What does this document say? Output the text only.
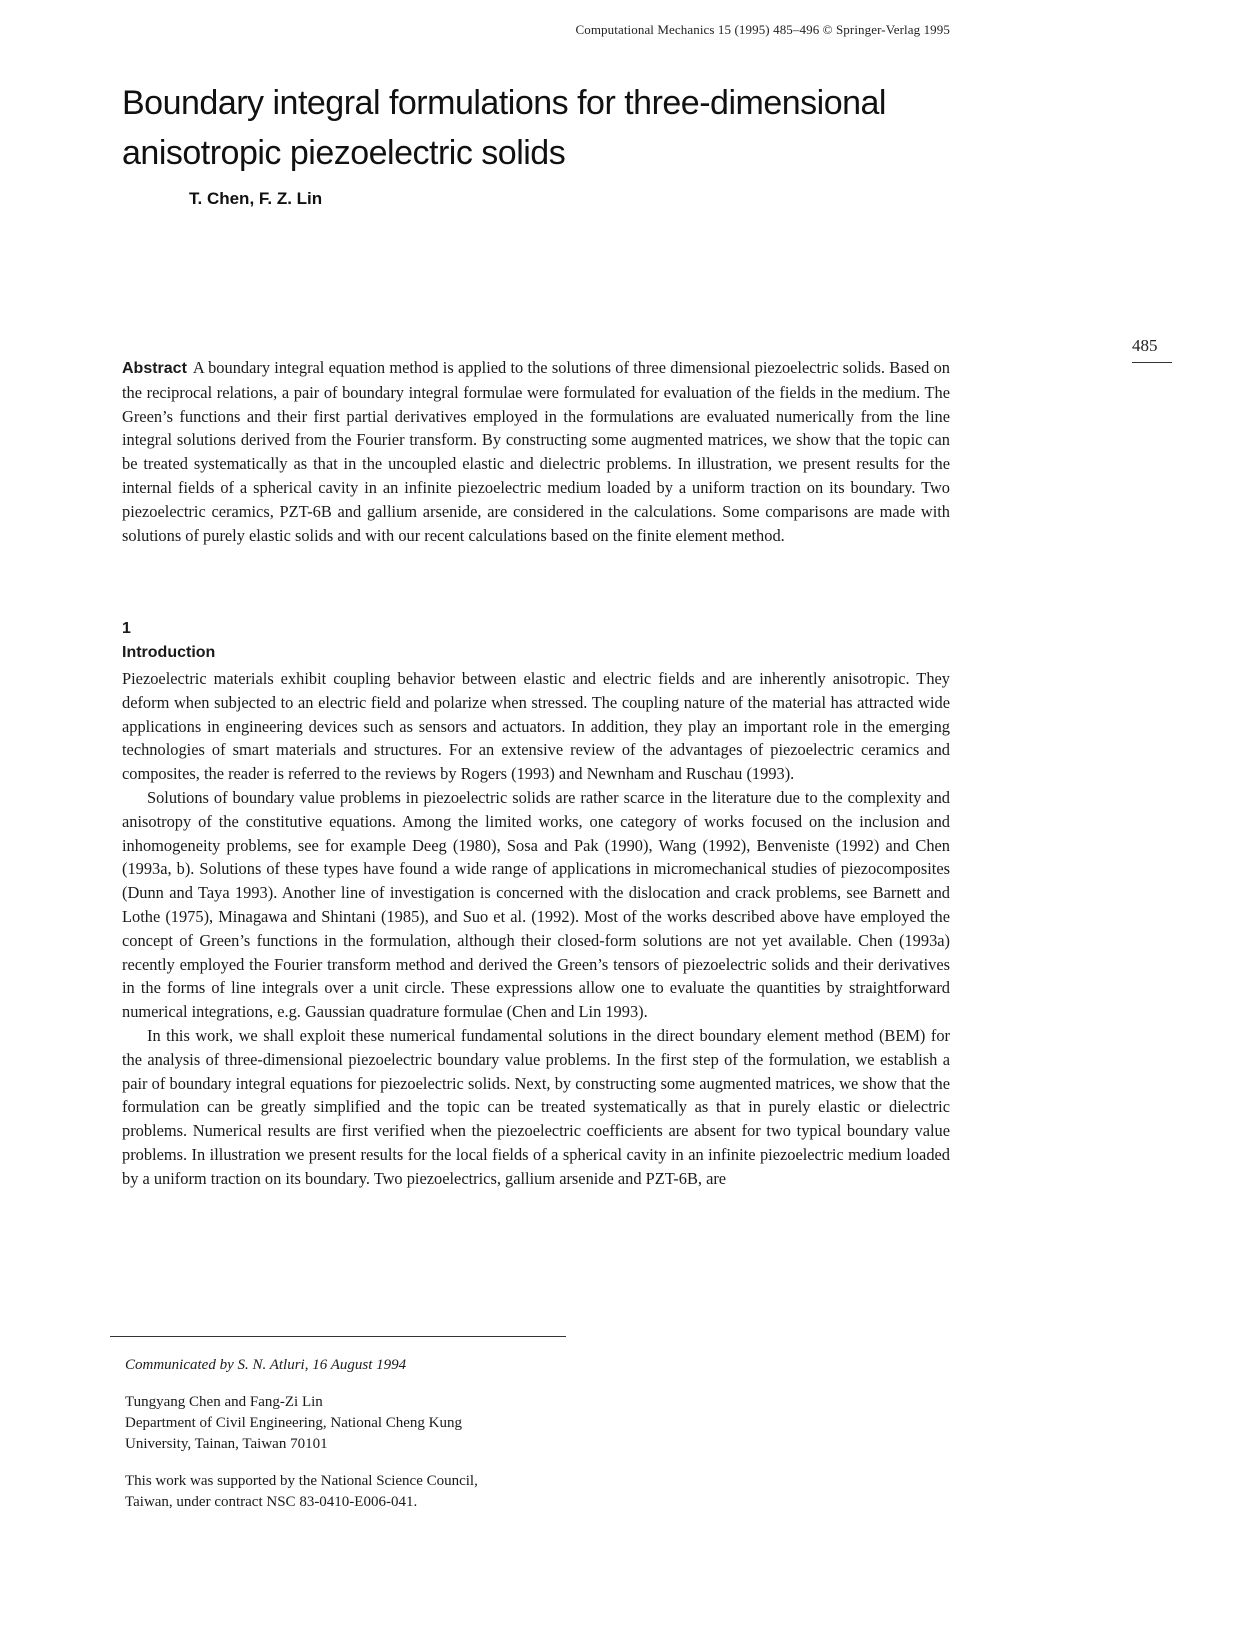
Computational Mechanics 15 (1995) 485–496 © Springer-Verlag 1995
Boundary integral formulations for three-dimensional anisotropic piezoelectric solids
T. Chen, F. Z. Lin
485

Abstract A boundary integral equation method is applied to the solutions of three dimensional piezoelectric solids. Based on the reciprocal relations, a pair of boundary integral formulae were formulated for evaluation of the fields in the medium. The Green’s functions and their first partial derivatives employed in the formulations are evaluated numerically from the line integral solutions derived from the Fourier transform. By constructing some augmented matrices, we show that the topic can be treated systematically as that in the uncoupled elastic and dielectric problems. In illustration, we present results for the internal fields of a spherical cavity in an infinite piezoelectric medium loaded by a uniform traction on its boundary. Two piezoelectric ceramics, PZT-6B and gallium arsenide, are considered in the calculations. Some comparisons are made with solutions of purely elastic solids and with our recent calculations based on the finite element method.

1
Introduction

Piezoelectric materials exhibit coupling behavior between elastic and electric fields and are inherently anisotropic. They deform when subjected to an electric field and polarize when stressed. The coupling nature of the material has attracted wide applications in engineering devices such as sensors and actuators. In addition, they play an important role in the emerging technologies of smart materials and structures. For an extensive review of the advantages of piezoelectric ceramics and composites, the reader is referred to the reviews by Rogers (1993) and Newnham and Ruschau (1993).

Solutions of boundary value problems in piezoelectric solids are rather scarce in the literature due to the complexity and anisotropy of the constitutive equations. Among the limited works, one category of works focused on the inclusion and inhomogeneity problems, see for example Deeg (1980), Sosa and Pak (1990), Wang (1992), Benveniste (1992) and Chen (1993a, b). Solutions of these types have found a wide range of applications in micromechanical studies of piezocomposites (Dunn and Taya 1993). Another line of investigation is concerned with the dislocation and crack problems, see Barnett and Lothe (1975), Minagawa and Shintani (1985), and Suo et al. (1992). Most of the works described above have employed the concept of Green’s functions in the formulation, although their closed-form solutions are not yet available. Chen (1993a) recently employed the Fourier transform method and derived the Green’s tensors of piezoelectric solids and their derivatives in the forms of line integrals over a unit circle. These expressions allow one to evaluate the quantities by straightforward numerical integrations, e.g. Gaussian quadrature formulae (Chen and Lin 1993).

In this work, we shall exploit these numerical fundamental solutions in the direct boundary element method (BEM) for the analysis of three-dimensional piezoelectric boundary value problems. In the first step of the formulation, we establish a pair of boundary integral equations for piezoelectric solids. Next, by constructing some augmented matrices, we show that the formulation can be greatly simplified and the topic can be treated systematically as that in purely elastic or dielectric problems. Numerical results are first verified when the piezoelectric coefficients are absent for two typical boundary value problems. In illustration we present results for the local fields of a spherical cavity in an infinite piezoelectric medium loaded by a uniform traction on its boundary. Two piezoelectrics, gallium arsenide and PZT-6B, are

Communicated by S. N. Atluri, 16 August 1994
Tungyang Chen and Fang-Zi Lin
Department of Civil Engineering, National Cheng Kung
University, Tainan, Taiwan 70101
This work was supported by the National Science Council,
Taiwan, under contract NSC 83-0410-E006-041.
